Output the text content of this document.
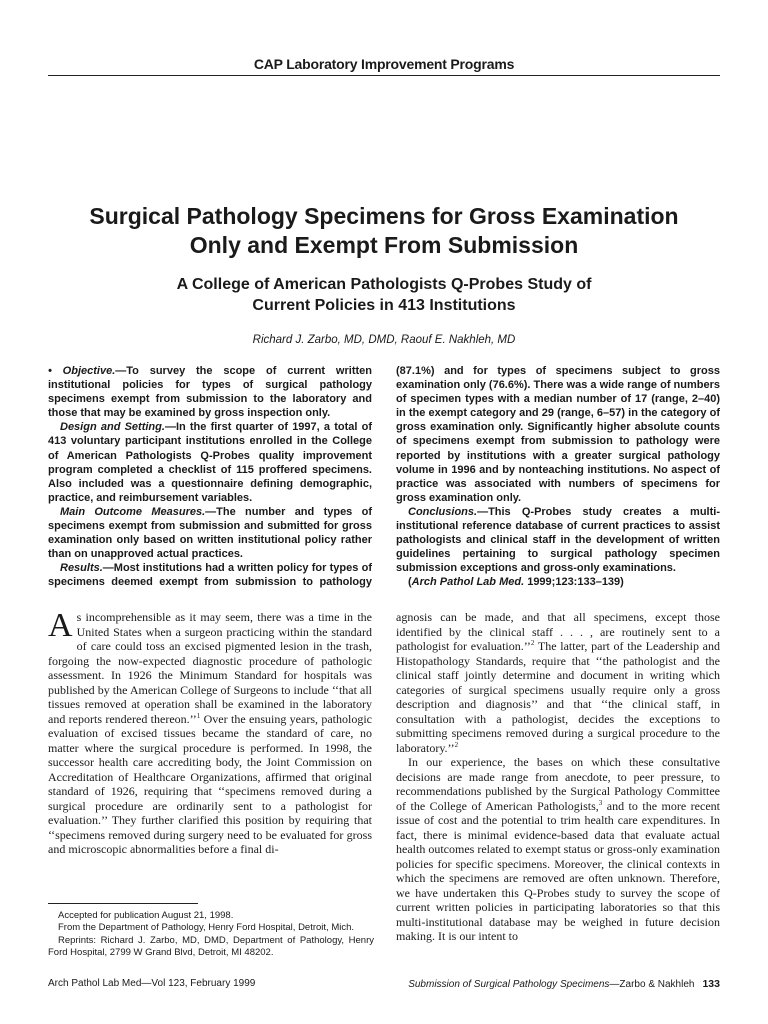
CAP Laboratory Improvement Programs
Surgical Pathology Specimens for Gross Examination
Only and Exempt From Submission
A College of American Pathologists Q-Probes Study of
Current Policies in 413 Institutions
Richard J. Zarbo, MD, DMD, Raouf E. Nakhleh, MD

• Objective.—To survey the scope of current written institutional policies for types of surgical pathology specimens exempt from submission to the laboratory and those that may be examined by gross inspection only.

Design and Setting.—In the first quarter of 1997, a total of 413 voluntary participant institutions enrolled in the College of American Pathologists Q-Probes quality improvement program completed a checklist of 115 proffered specimens. Also included was a questionnaire defining demographic, practice, and reimbursement variables.

Main Outcome Measures.—The number and types of specimens exempt from submission and submitted for gross examination only based on written institutional policy rather than on unapproved actual practices.

Results.—Most institutions had a written policy for types of specimens deemed exempt from submission to pathology

(87.1%) and for types of specimens subject to gross examination only (76.6%). There was a wide range of numbers of specimen types with a median number of 17 (range, 2–40) in the exempt category and 29 (range, 6–57) in the category of gross examination only. Significantly higher absolute counts of specimens exempt from submission to pathology were reported by institutions with a greater surgical pathology volume in 1996 and by nonteaching institutions. No aspect of practice was associated with numbers of specimens for gross examination only.

Conclusions.—This Q-Probes study creates a multi-institutional reference database of current practices to assist pathologists and clinical staff in the development of written guidelines pertaining to surgical pathology specimen submission exceptions and gross-only examinations.

(Arch Pathol Lab Med. 1999;123:133–139)

As incomprehensible as it may seem, there was a time in the United States when a surgeon practicing within the standard of care could toss an excised pigmented lesion in the trash, forgoing the now-expected diagnostic procedure of pathologic assessment. In 1926 the Minimum Standard for hospitals was published by the American College of Surgeons to include ‘‘that all tissues removed at operation shall be examined in the laboratory and reports rendered thereon.’’$^1$ Over the ensuing years, pathologic evaluation of excised tissues became the standard of care, no matter where the surgical procedure is performed. In 1998, the successor health care accrediting body, the Joint Commission on Accreditation of Healthcare Organizations, affirmed that original standard of 1926, requiring that ‘‘specimens removed during a surgical procedure are ordinarily sent to a pathologist for evaluation.’’ They further clarified this position by requiring that ‘‘specimens removed during surgery need to be evaluated for gross and microscopic abnormalities before a final di-

agnosis can be made, and that all specimens, except those identified by the clinical staff . . . , are routinely sent to a pathologist for evaluation.’’$^2$ The latter, part of the Leadership and Histopathology Standards, require that ‘‘the pathologist and the clinical staff jointly determine and document in writing which categories of surgical specimens usually require only a gross description and diagnosis’’ and that ‘‘the clinical staff, in consultation with a pathologist, decides the exceptions to submitting specimens removed during a surgical procedure to the laboratory.’’$^2$

In our experience, the bases on which these consultative decisions are made range from anecdote, to peer pressure, to recommendations published by the Surgical Pathology Committee of the College of American Pathologists,$^3$ and to the more recent issue of cost and the potential to trim health care expenditures. In fact, there is minimal evidence-based data that evaluate actual health outcomes related to exempt status or gross-only examination policies for specific specimens. Moreover, the clinical contexts in which the specimens are removed are often unknown. Therefore, we have undertaken this Q-Probes study to survey the scope of current written policies in participating laboratories so that this multi-institutional database may be weighed in future decision making. It is our intent to

Accepted for publication August 21, 1998.

From the Department of Pathology, Henry Ford Hospital, Detroit, Mich.

Reprints: Richard J. Zarbo, MD, DMD, Department of Pathology, Henry Ford Hospital, 2799 W Grand Blvd, Detroit, MI 48202.

Arch Pathol Lab Med—Vol 123, February 1999	Submission of Surgical Pathology Specimens—Zarbo & Nakhleh 133
